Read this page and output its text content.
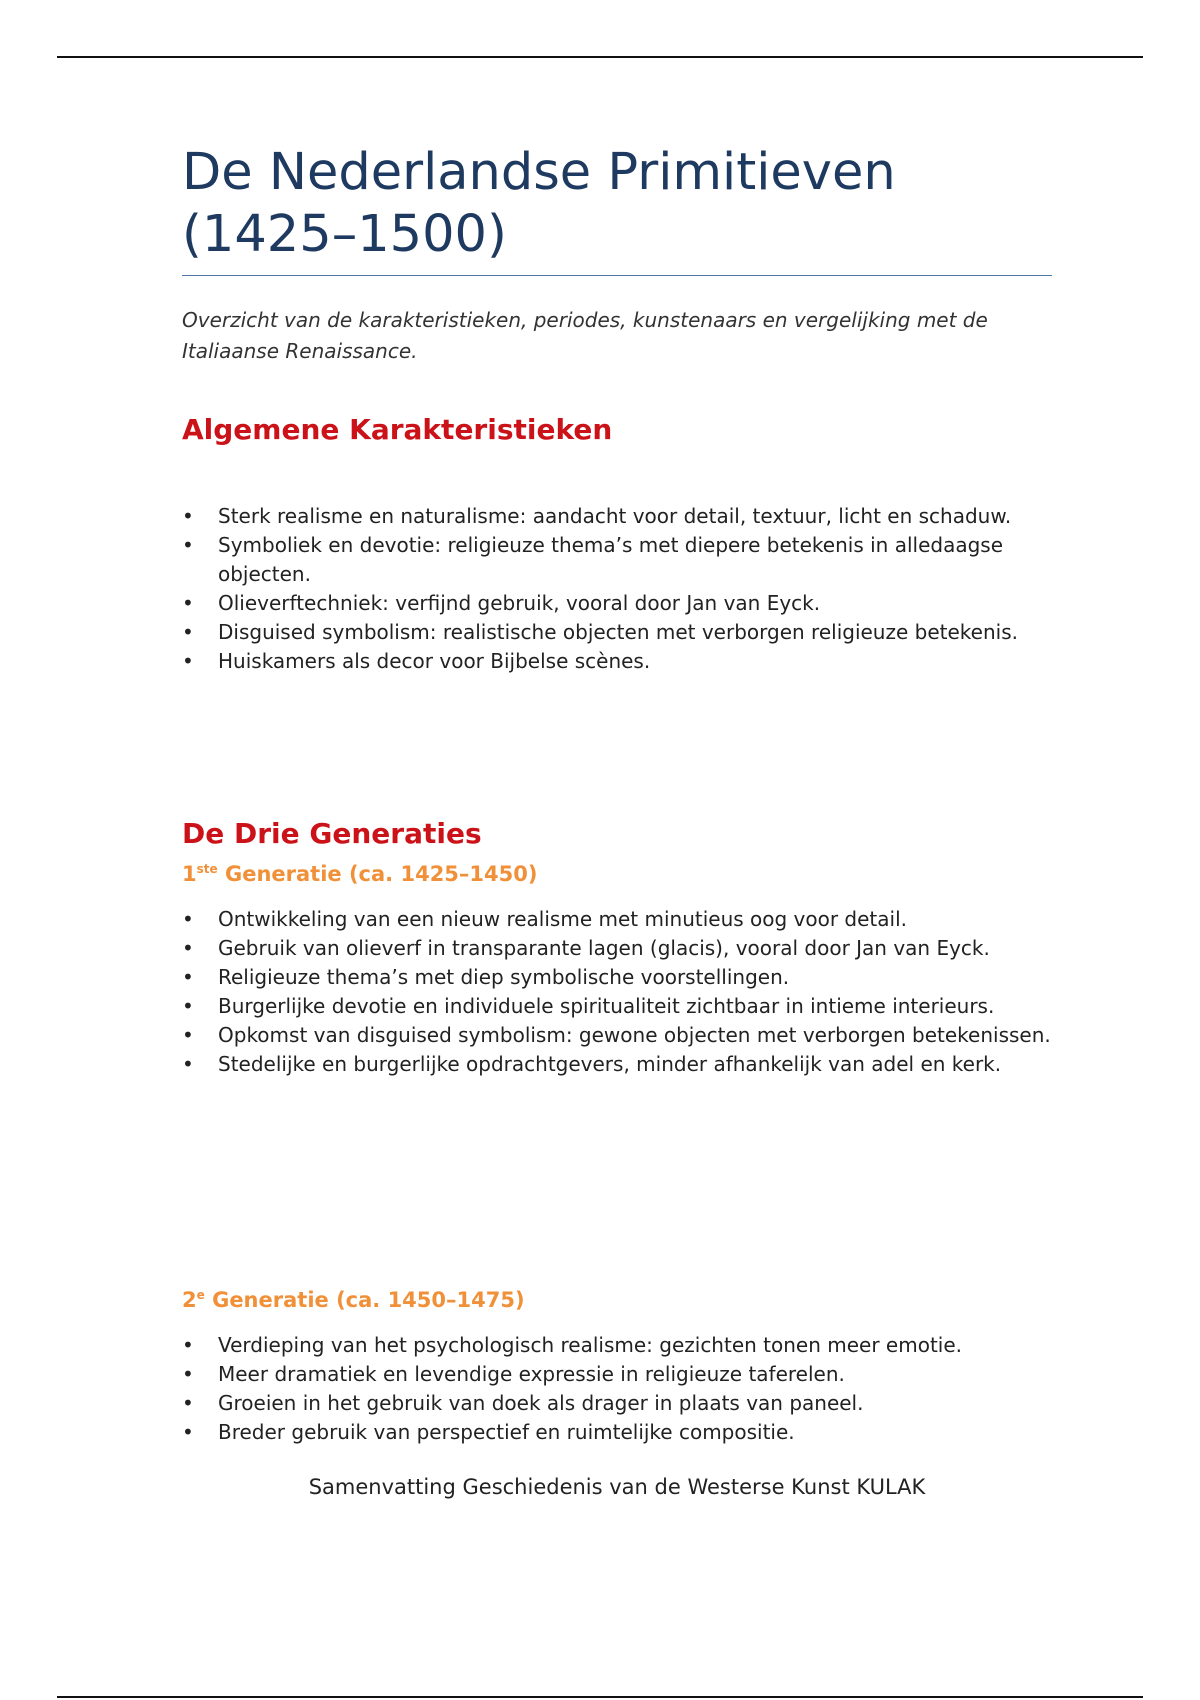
De Nederlandse Primitieven
(1425–1500)
Overzicht van de karakteristieken, periodes, kunstenaars en vergelijking met de Italiaanse Renaissance.
Algemene Karakteristieken
• Sterk realisme en naturalisme: aandacht voor detail, textuur, licht en schaduw.
• Symboliek en devotie: religieuze thema’s met diepere betekenis in alledaagse objecten.
• Olieverftechniek: verfijnd gebruik, vooral door Jan van Eyck.
• Disguised symbolism: realistische objecten met verborgen religieuze betekenis.
• Huiskamers als decor voor Bijbelse scènes.
De Drie Generaties
1ste Generatie (ca. 1425–1450)
• Ontwikkeling van een nieuw realisme met minutieus oog voor detail.
• Gebruik van olieverf in transparante lagen (glacis), vooral door Jan van Eyck.
• Religieuze thema’s met diep symbolische voorstellingen.
• Burgerlijke devotie en individuele spiritualiteit zichtbaar in intieme interieurs.
• Opkomst van disguised symbolism: gewone objecten met verborgen betekenissen.
• Stedelijke en burgerlijke opdrachtgevers, minder afhankelijk van adel en kerk.
2e Generatie (ca. 1450–1475)
• Verdieping van het psychologisch realisme: gezichten tonen meer emotie.
• Meer dramatiek en levendige expressie in religieuze taferelen.
• Groeien in het gebruik van doek als drager in plaats van paneel.
• Breder gebruik van perspectief en ruimtelijke compositie.
Samenvatting Geschiedenis van de Westerse Kunst KULAK
